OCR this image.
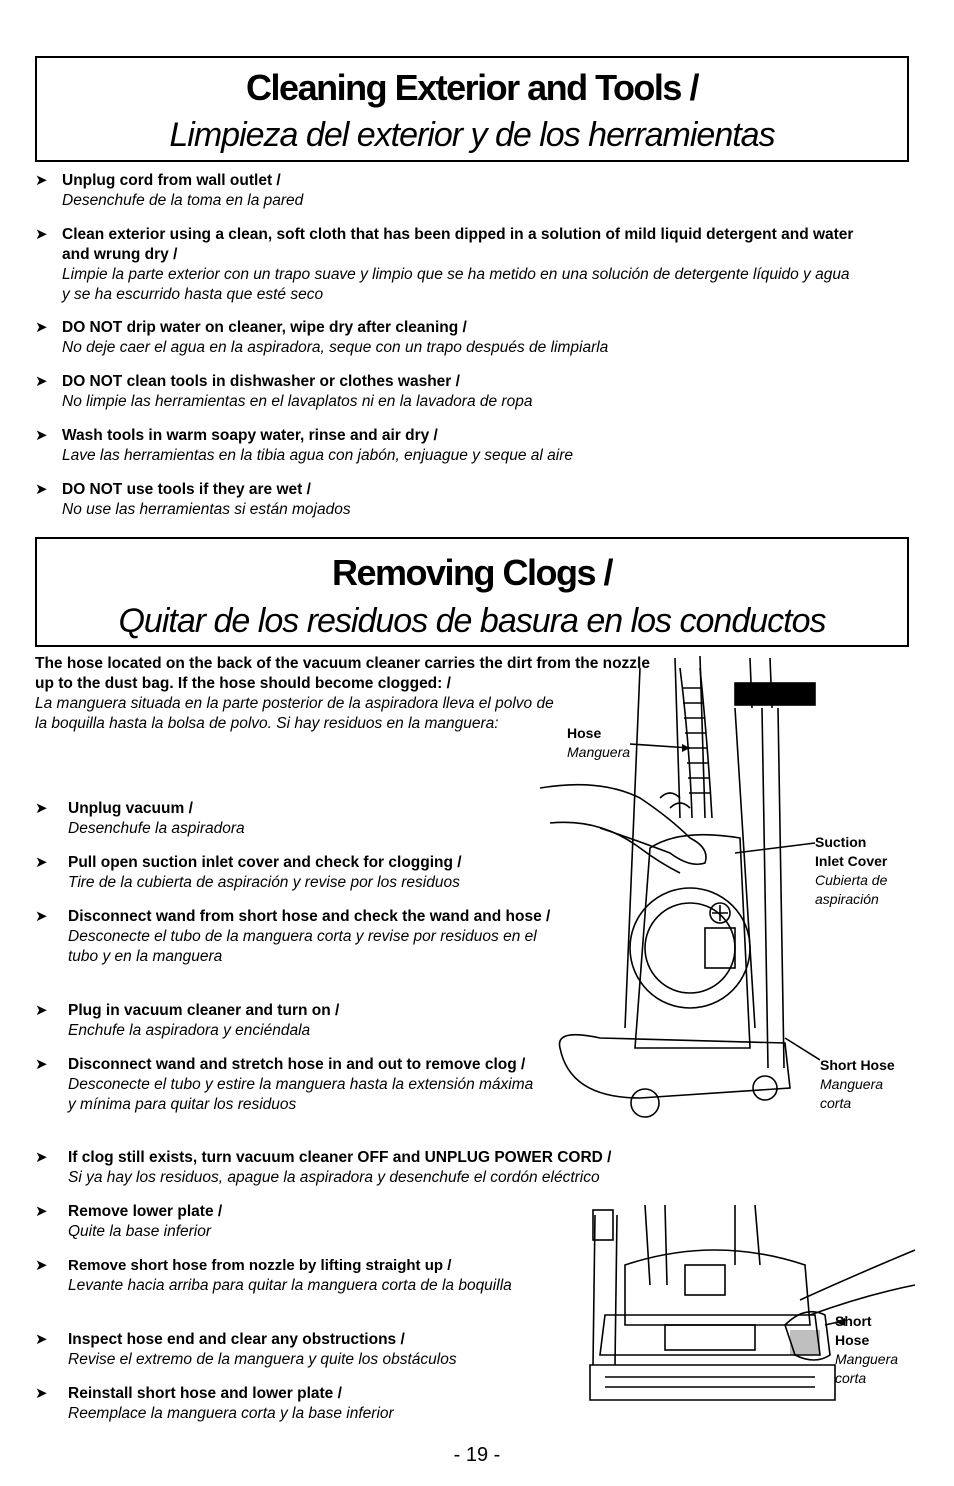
Cleaning Exterior and Tools /
Limpieza del exterior y de los herramientas
➤ Unplug cord from wall outlet /
Desenchufe de la toma en la pared
➤ Clean exterior using a clean, soft cloth that has been dipped in a solution of mild liquid detergent and water and wrung dry /
Limpie la parte exterior con un trapo suave y limpio que se ha metido en una solución de detergente líquido y agua y se ha escurrido hasta que esté seco
➤ DO NOT drip water on cleaner, wipe dry after cleaning /
No deje caer el agua en la aspiradora, seque con un trapo después de limpiarla
➤ DO NOT clean tools in dishwasher or clothes washer /
No limpie las herramientas en el lavaplatos ni en la lavadora de ropa
➤ Wash tools in warm soapy water, rinse and air dry /
Lave las herramientas en la tibia agua con jabón, enjuague y seque al aire
➤ DO NOT use tools if they are wet /
No use las herramientas si están mojados
Removing Clogs /
Quitar de los residuos de basura en los conductos
The hose located on the back of the vacuum cleaner carries the dirt from the nozzle up to the dust bag. If the hose should become clogged: /
La manguera situada en la parte posterior de la aspiradora lleva el polvo de la boquilla hasta la bolsa de polvo. Si hay residuos en la manguera:
➤ Unplug vacuum /
Desenchufe la aspiradora
➤ Pull open suction inlet cover and check for clogging /
Tire de la cubierta de aspiración y revise por los residuos
➤ Disconnect wand from short hose and check the wand and hose /
Desconecte el tubo de la manguera corta y revise por residuos en el tubo y en la manguera
➤ Plug in vacuum cleaner and turn on /
Enchufe la aspiradora y enciéndala
➤ Disconnect wand and stretch hose in and out to remove clog /
Desconecte el tubo y estire la manguera hasta la extensión máxima y mínima para quitar los residuos
➤ If clog still exists, turn vacuum cleaner OFF and UNPLUG POWER CORD /
Si ya hay los residuos, apague la aspiradora y desenchufe el cordón eléctrico
➤ Remove lower plate /
Quite la base inferior
➤ Remove short hose from nozzle by lifting straight up /
Levante hacia arriba para quitar la manguera corta de la boquilla
➤ Inspect hose end and clear any obstructions /
Revise el extremo de la manguera y quite los obstáculos
➤ Reinstall short hose and lower plate /
Reemplace la manguera corta y la base inferior
Hose
Manguera
Suction
Inlet Cover
Cubierta de
aspiración
Short Hose
Manguera
corta
Short
Hose
Manguera
corta
- 19 -
